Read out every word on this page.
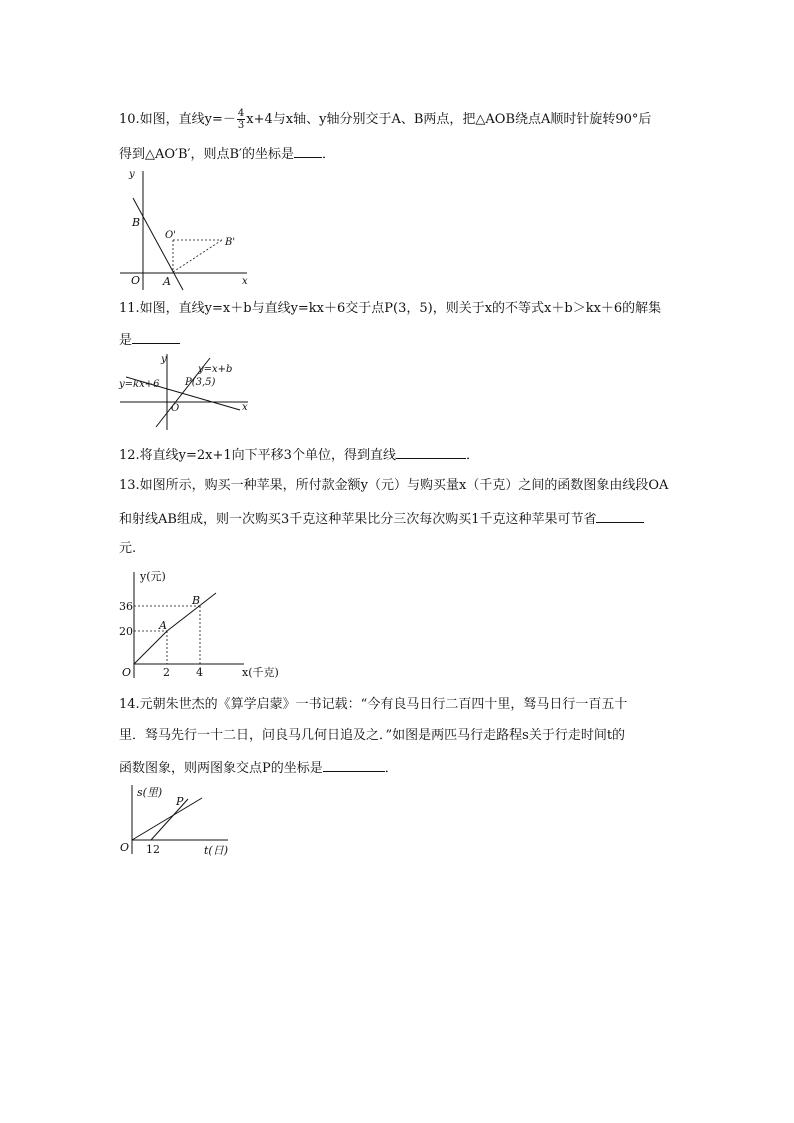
10.如图，直线$y=- \frac{4}{3} x+4$与x轴、y轴分别交于A、B两点，把△AOB绕点A顺时针旋转90°后
得到△AO′B′，则点B′的坐标是 ．
y
x
B
O'
B'
O A
11.如图，直线y=x＋b与直线y=kx＋6交于点P(3，5)，则关于x的不等式x＋b＞kx＋6的解集
是
y
x
y=x+b
y=kx+6	P(3,5)
O
12.将直线y=2x+1向下平移3个单位，得到直线	．
13.如图所示，购买一种苹果，所付款金额y（元）与购买量x（千克）之间的函数图象由线段OA
和射线AB组成，则一次购买3千克这种苹果比分三次每次购买1千克这种苹果可节省
元.
y(元)
x(千克)
36
20
2 4
O
A
B
14.元朝朱世杰的《算学启蒙》一书记载：“今有良马日行二百四十里，驽马日行一百五十
里．驽马先行一十二日，问良马几何日追及之．”如图是两匹马行走路程s关于行走时间t的
函数图象，则两图象交点P的坐标是	．
s(里)
t(日)
O 12
P
